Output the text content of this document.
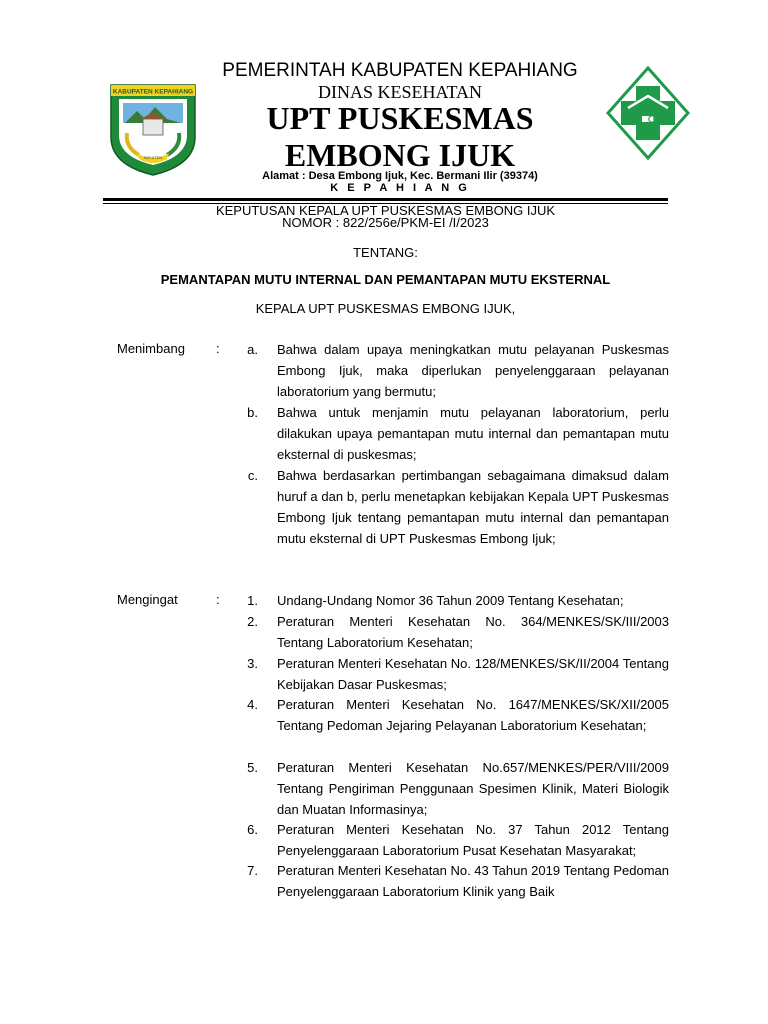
KABUPATEN KEPAHIANG
SEKATEN
PEMERINTAH KABUPATEN KEPAHIANG
DINAS KESEHATAN
UPT PUSKESMAS
EMBONG IJUK
Alamat : Desa Embong Ijuk, Kec. Bermani Ilir (39374)
K E P A H I A N G
KEPUTUSAN KEPALA UPT PUSKESMAS EMBONG IJUK
NOMOR : 822/256e/PKM-EI /I/2023
TENTANG:
PEMANTAPAN MUTU INTERNAL DAN PEMANTAPAN MUTU EKSTERNAL
KEPALA UPT PUSKESMAS EMBONG IJUK,
Menimbang :	a. Bahwa dalam upaya meningkatkan mutu pelayanan Puskesmas Embong Ijuk, maka diperlukan penyelenggaraan pelayanan laboratorium yang bermutu;
b. Bahwa untuk menjamin mutu pelayanan laboratorium, perlu dilakukan upaya pemantapan mutu internal dan pemantapan mutu eksternal di puskesmas;
c. Bahwa berdasarkan pertimbangan sebagaimana dimaksud dalam huruf a dan b, perlu menetapkan kebijakan Kepala UPT Puskesmas Embong Ijuk tentang pemantapan mutu internal dan pemantapan mutu eksternal di UPT Puskesmas Embong Ijuk;
Mengingat	:	1. Undang-Undang Nomor 36 Tahun 2009 Tentang Kesehatan;
2. Peraturan Menteri Kesehatan No. 364/MENKES/SK/III/2003 Tentang Laboratorium Kesehatan;
3. Peraturan Menteri Kesehatan No. 128/MENKES/SK/II/2004 Tentang Kebijakan Dasar Puskesmas;
4. Peraturan Menteri Kesehatan No. 1647/MENKES/SK/XII/2005 Tentang Pedoman Jejaring Pelayanan Laboratorium Kesehatan;
5. Peraturan Menteri Kesehatan No.657/MENKES/PER/VIII/2009 Tentang Pengiriman Penggunaan Spesimen Klinik, Materi Biologik dan Muatan Informasinya;
6. Peraturan Menteri Kesehatan No. 37 Tahun 2012 Tentang Penyelenggaraan Laboratorium Pusat Kesehatan Masyarakat;
7. Peraturan Menteri Kesehatan No. 43 Tahun 2019 Tentang Pedoman Penyelenggaraan Laboratorium Klinik yang Baik
